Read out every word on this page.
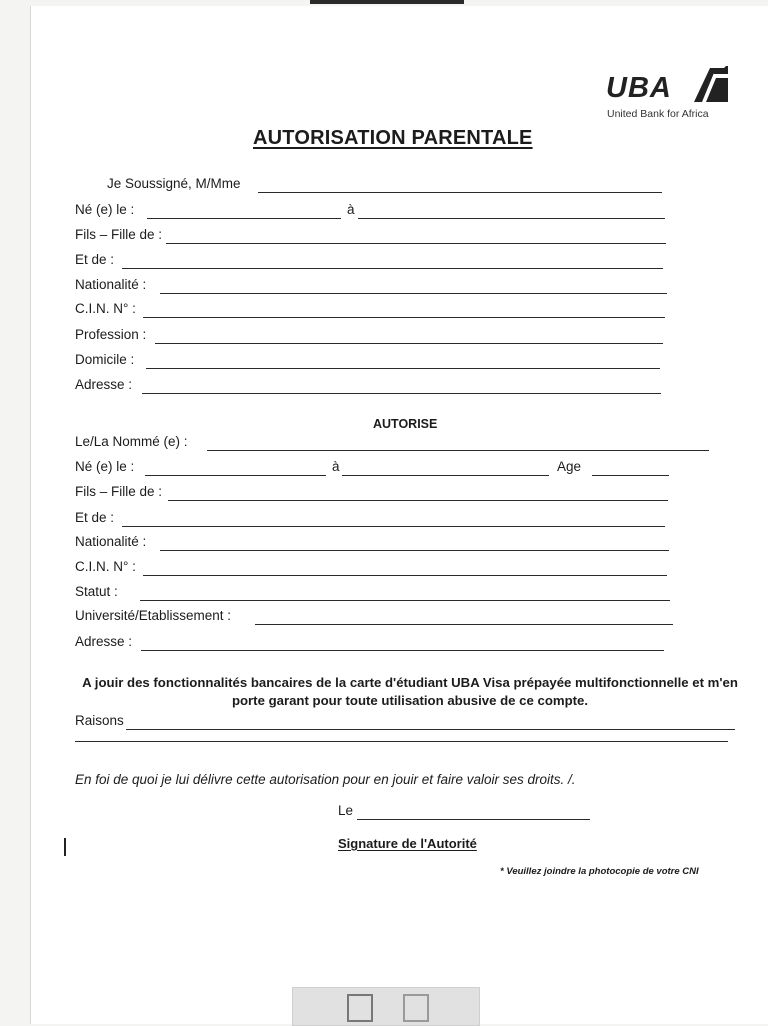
UBA
United Bank for Africa
AUTORISATION PARENTALE
Je Soussigné, M/Mme
Né (e) le :	à
Fils – Fille de :
Et de :
Nationalité :
C.I.N. N° :
Profession :
Domicile :
Adresse :
AUTORISE
Le/La Nommé (e) :
Né (e) le :	à	Age
Fils – Fille de :
Et de :
Nationalité :
C.I.N. N° :
Statut :
Université/Etablissement :
Adresse :
A jouir des fonctionnalités bancaires de la carte d'étudiant UBA Visa prépayée multifonctionnelle et m'en porte garant pour toute utilisation abusive de ce compte.
Raisons
En foi de quoi je lui délivre cette autorisation pour en jouir et faire valoir ses droits. /.
Le
Signature de l'Autorité
* Veuillez joindre la photocopie de votre CNI
